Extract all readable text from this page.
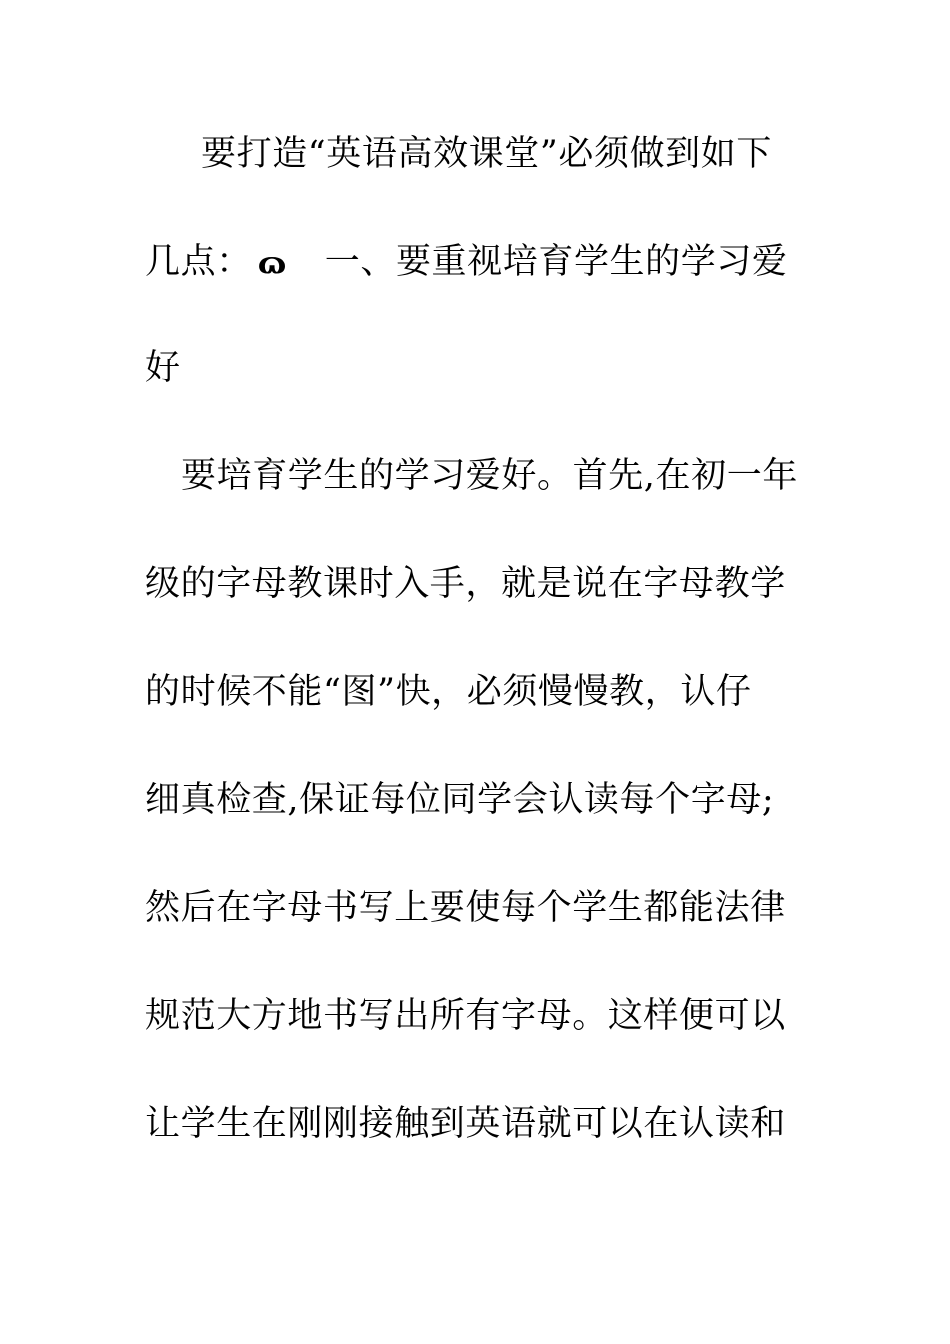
要打造“英语高效课堂”必须做到如下
几点： ɷ 一、要重视培育学生的学习爱
好
要培育学生的学习爱好。首先,在初一年
级的字母教课时入手，就是说在字母教学
的时候不能“图”快，必须慢慢教，认仔
细真检查,保证每位同学会认读每个字母;
然后在字母书写上要使每个学生都能法律
规范大方地书写出所有字母。这样便可以
让学生在刚刚接触到英语就可以在认读和
